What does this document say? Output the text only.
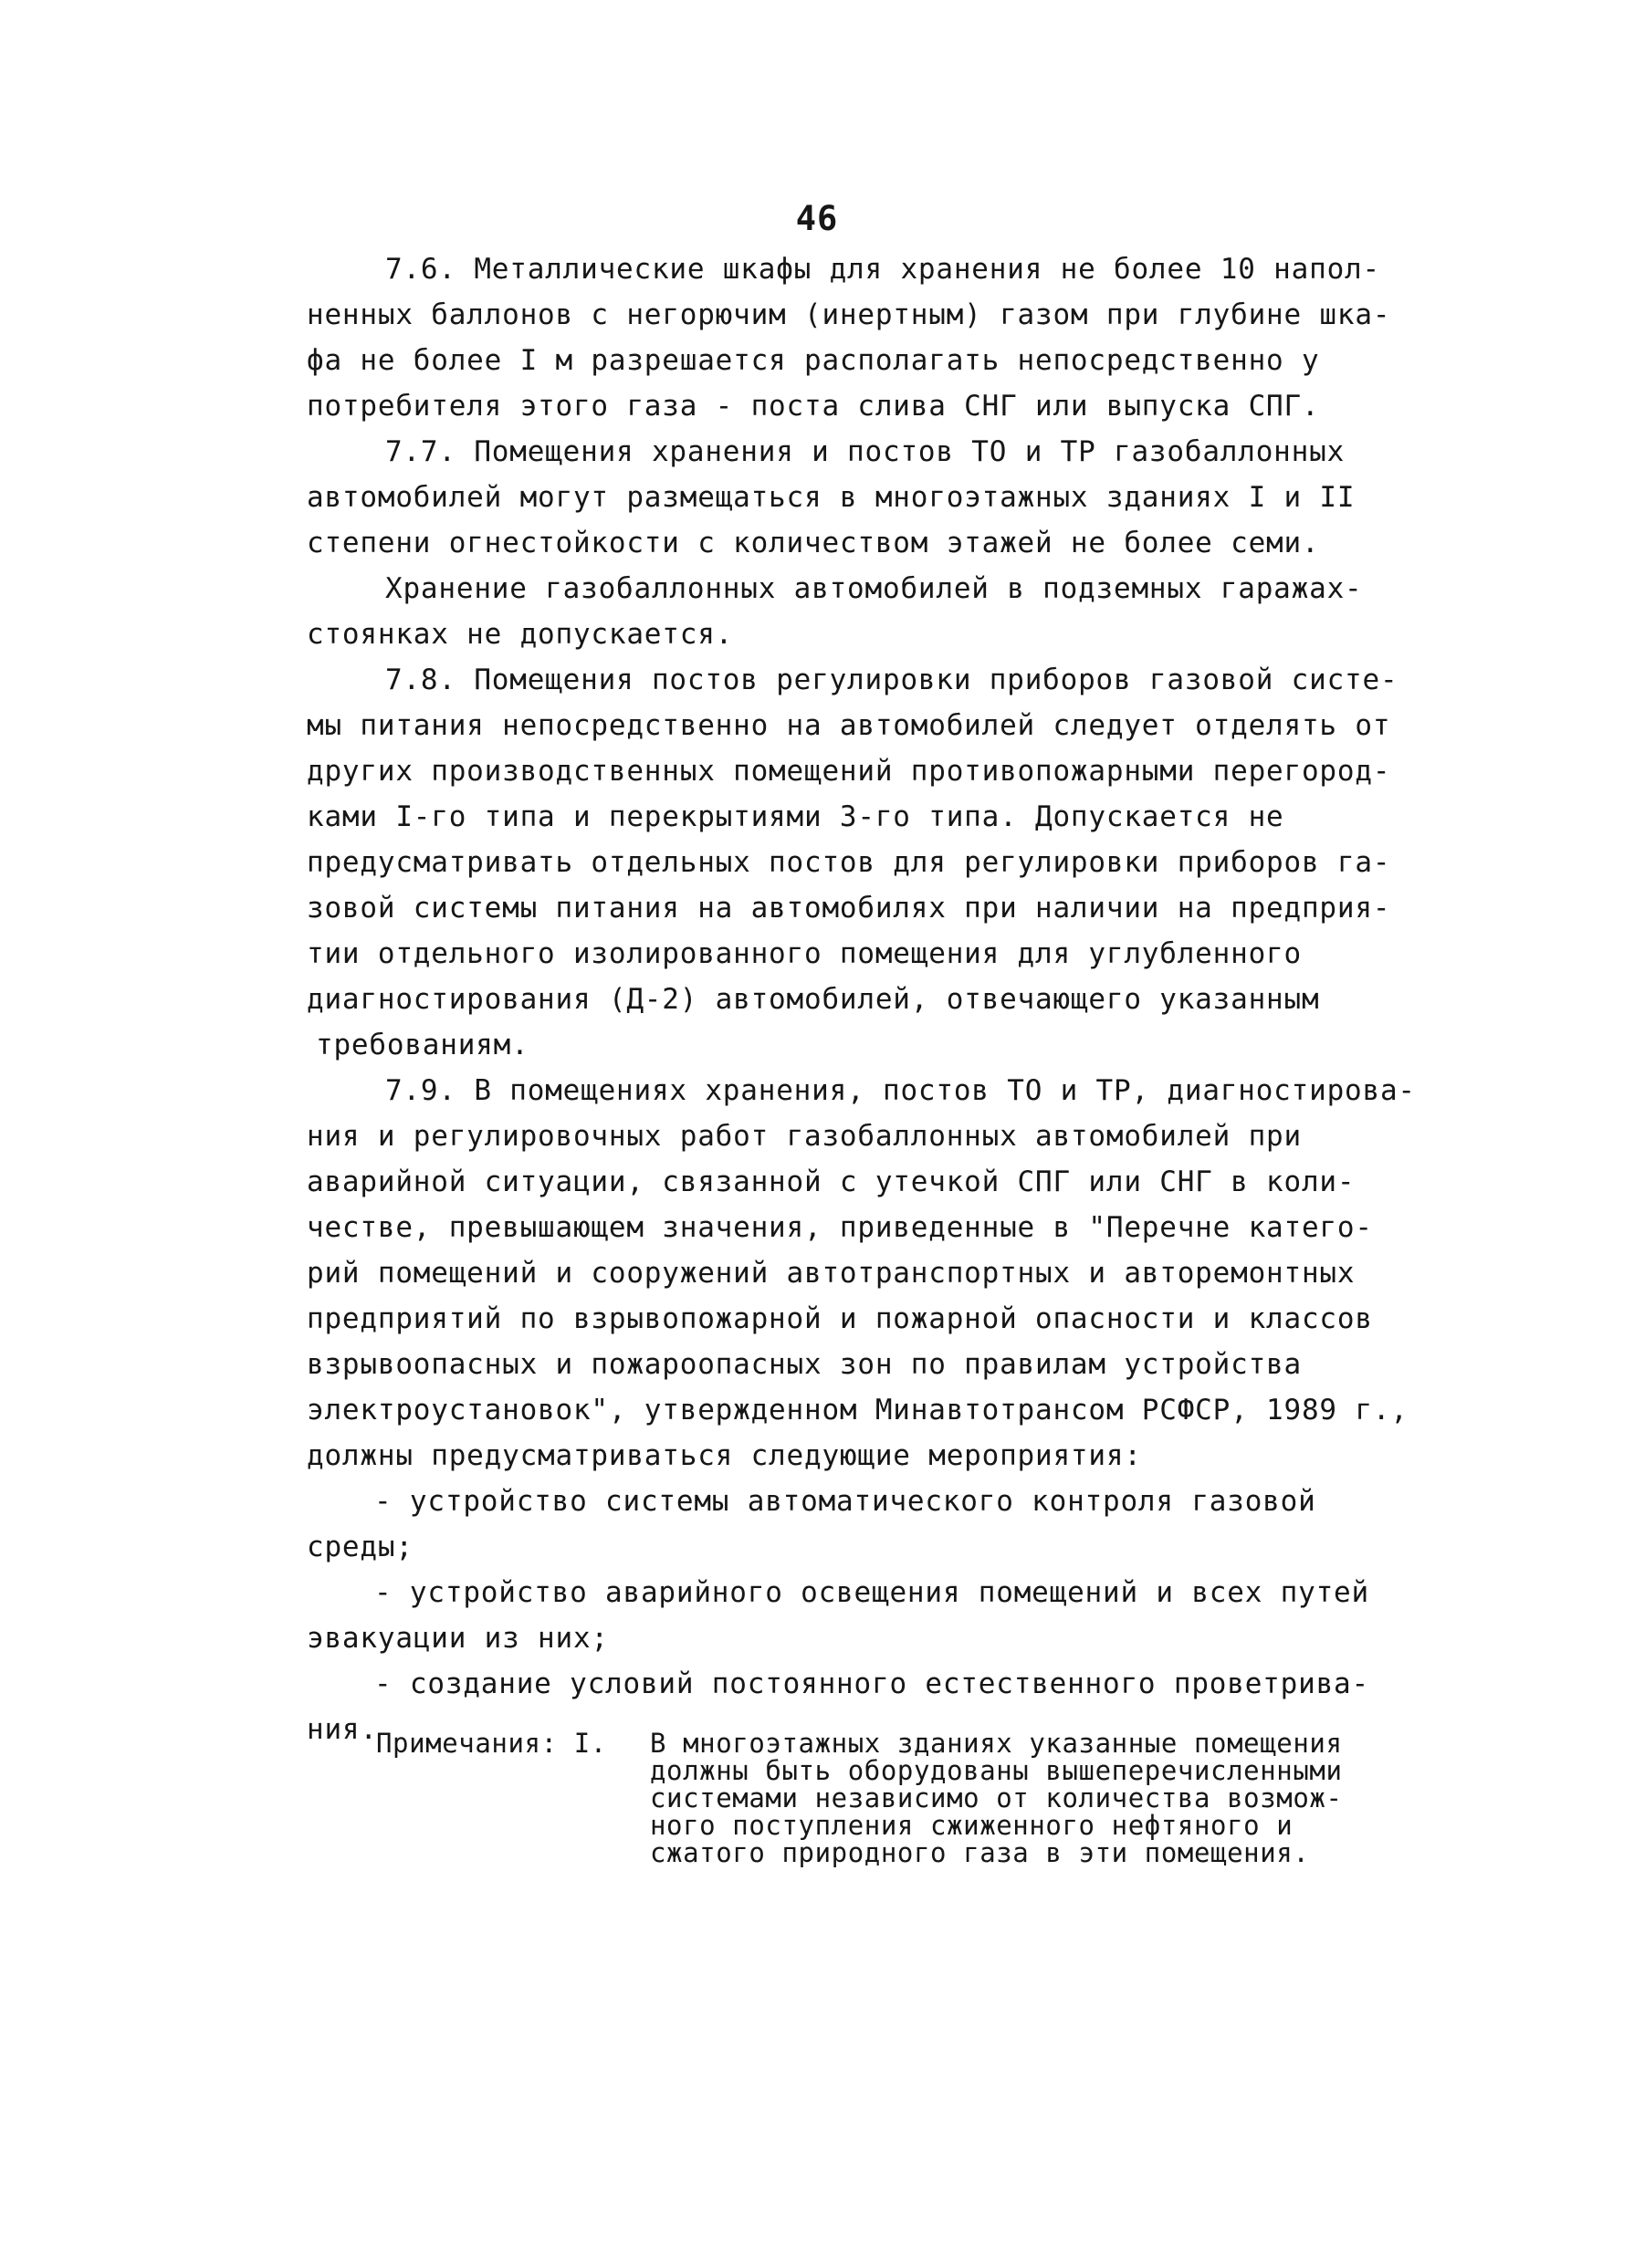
46
7.6. Металлические шкафы для хранения не более 10 напол-
ненных баллонов с негорючим (инертным) газом при глубине шка-
фа не более I м разрешается располагать непосредственно у
потребителя этого газа - поста слива СНГ или выпуска СПГ.
7.7. Помещения хранения и постов ТО и ТР газобаллонных
автомобилей могут размещаться в многоэтажных зданиях I и II
степени огнестойкости с количеством этажей не более семи.
Хранение газобаллонных автомобилей в подземных гаражах-
стоянках не допускается.
7.8. Помещения постов регулировки приборов газовой систе-
мы питания непосредственно на автомобилей следует отделять от
других производственных помещений противопожарными перегород-
ками I-го типа и перекрытиями 3-го типа. Допускается не
предусматривать отдельных постов для регулировки приборов га-
зовой системы питания на автомобилях при наличии на предприя-
тии отдельного изолированного помещения для углубленного
диагностирования (Д-2) автомобилей, отвечающего указанным
требованиям.
7.9. В помещениях хранения, постов ТО и ТР, диагностирова-
ния и регулировочных работ газобаллонных автомобилей при
аварийной ситуации, связанной с утечкой СПГ или СНГ в коли-
честве, превышающем значения, приведенные в "Перечне катего-
рий помещений и сооружений автотранспортных и авторемонтных
предприятий по взрывопожарной и пожарной опасности и классов
взрывоопасных и пожароопасных зон по правилам устройства
электроустановок", утвержденном Минавтотрансом РСФСР, 1989 г.,
должны предусматриваться следующие мероприятия:
- устройство системы автоматического контроля газовой
среды;
- устройство аварийного освещения помещений и всех путей
эвакуации из них;
- создание условий постоянного естественного проветрива-
ния.
Примечания: I. В многоэтажных зданиях указанные помещения
должны быть оборудованы вышеперечисленными
системами независимо от количества возмож-
ного поступления сжиженного нефтяного и
сжатого природного газа в эти помещения.
